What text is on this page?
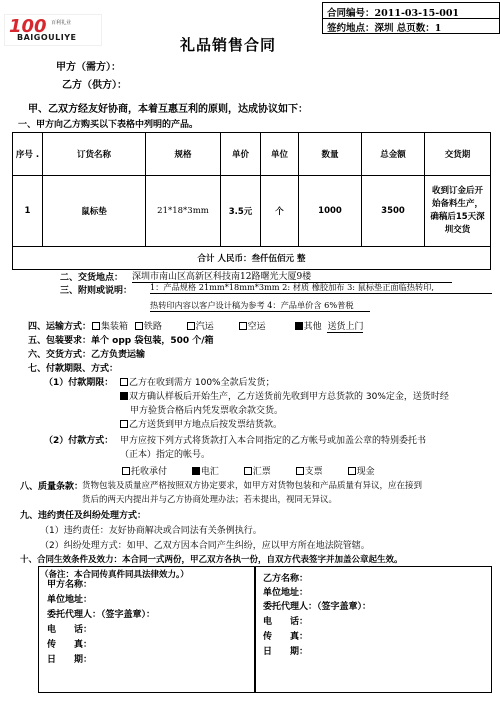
100 百利礼业
BAIGOULIYE
合同编号：2011-03-15-001
签约地点：深圳 总页数：1
礼品销售合同
甲方（需方）：
乙方（供方）：
甲、乙双方经友好协商，本着互惠互利的原则，达成协议如下：
一、甲方向乙方购买以下表格中列明的产品。
序号 .	订货名称	规格	单价	单位	数量	总金额	交货期
1	鼠标垫	21*18*3mm	3.5元	个	1000	3500	收到订金后开始备料生产，确稿后15天深圳交货
合计 人民币：叁仟伍佰元 整							
二、交货地点： 深圳市南山区高新区科技南12路曙光大厦9楼
三、附则或说明： 1：产品规格 21mm*18mm*3mm 2: 材质 橡胶加布 3: 鼠标垫正面临热转印,
热转印内容以客户设计稿为参考 4：产品单价含 6%普税
四、运输方式：	集装箱 铁路	汽运	空运	其他 送货上门
五、包装要求：单个 opp 袋包装，500 个/箱
六、交货方式：乙方负责运输
七、付款期限、方式：
（1）付款期限：	乙方在收到需方 100%全款后发货；
双方确认样板后开始生产，乙方送货前先收到甲方总货款的 30%定金，送货时经
甲方验货合格后内凭发票收余款交货。
乙方送货到甲方地点后按发票结货款。
（2）付款方式： 甲方应按下列方式将货款打入本合同指定的乙方帐号或加盖公章的特别委托书
（正本）指定的帐号。
托收承付	电汇	汇票	支票	现金
八、质量条款：
货物包装及质量应严格按照双方协定要求，如甲方对货物包装和产品质量有异议，应在接到
货后的两天内提出并与乙方协商处理办法；若未提出，视同无异议。
九、违约责任及纠纷处理方式：
（1）违约责任：友好协商解决或合同法有关条例执行。
（2）纠纷处理方式：如甲、乙双方因本合同产生纠纷，应以甲方所在地法院管辖。
十、合同生效条件及效力：本合同一式两份，甲乙双方各执一份，自双方代表签字并加盖公章起生效。
（备注：本合同传真件同具法律效力。）
甲方名称：
单位地址：
委托代理人：（签字盖章）：
电　　话：
传　　真：
日　　期：
乙方名称：
单位地址：
委托代理人：（签字盖章）：
电　　话：
传　　真：
日　　期：
